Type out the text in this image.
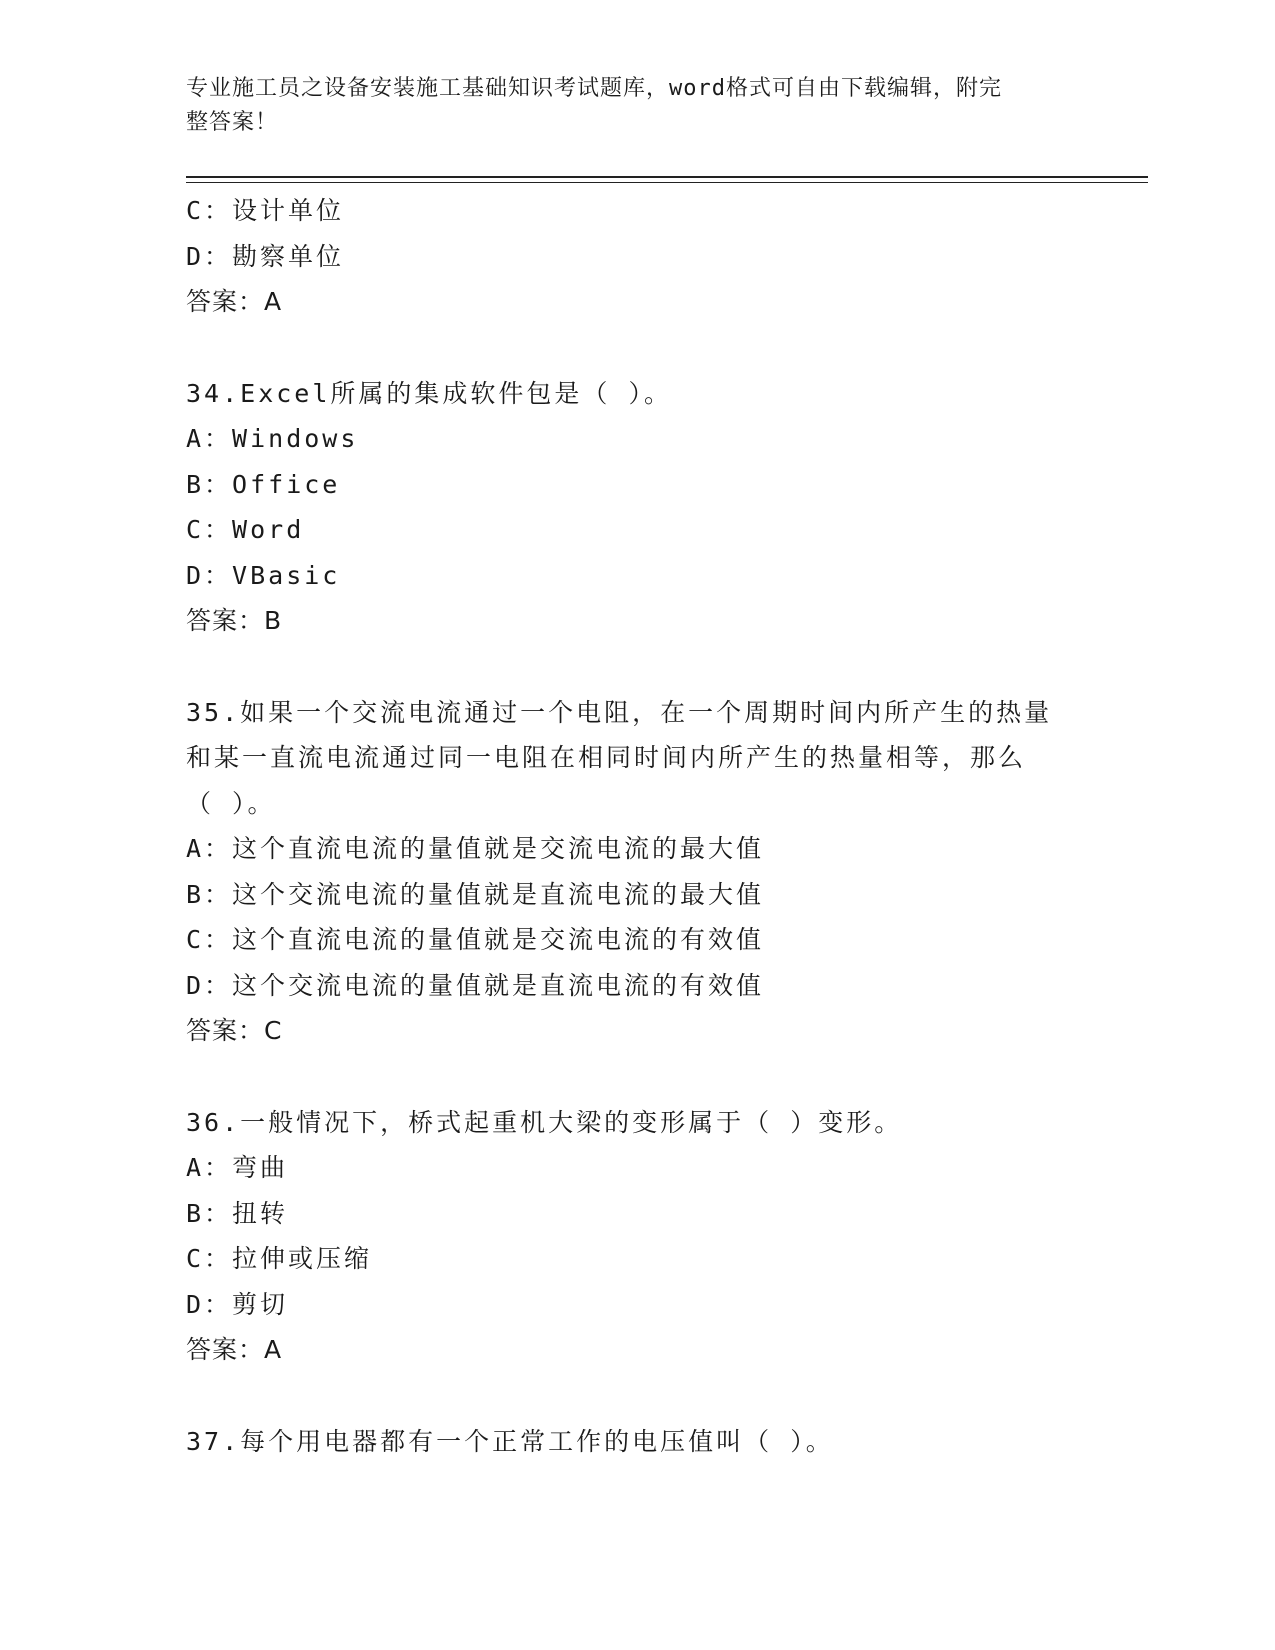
专业施工员之设备安装施工基础知识考试题库，word格式可自由下载编辑，附完
整答案！
C：设计单位
D：勘察单位
答案：A
34.Excel所属的集成软件包是（ ）。
A：Windows
B：Office
C：Word
D：VBasic
答案：B
35.如果一个交流电流通过一个电阻，在一个周期时间内所产生的热量
和某一直流电流通过同一电阻在相同时间内所产生的热量相等，那么
（ ）。
A：这个直流电流的量值就是交流电流的最大值
B：这个交流电流的量值就是直流电流的最大值
C：这个直流电流的量值就是交流电流的有效值
D：这个交流电流的量值就是直流电流的有效值
答案：C
36.一般情况下，桥式起重机大梁的变形属于（ ）变形。
A：弯曲
B：扭转
C：拉伸或压缩
D：剪切
答案：A
37.每个用电器都有一个正常工作的电压值叫（ ）。
